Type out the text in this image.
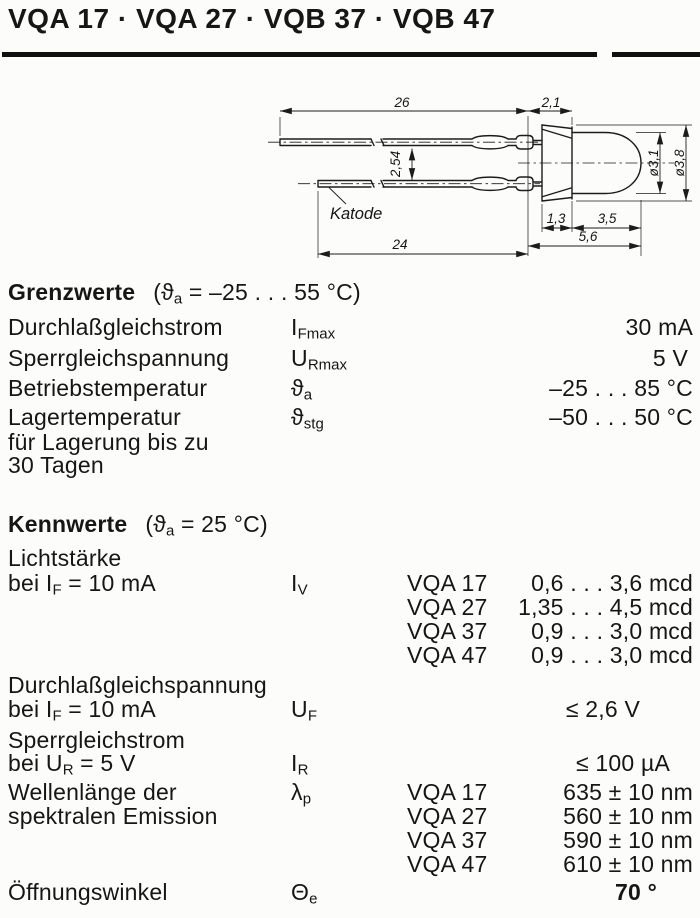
VQA 17 · VQA 27 · VQB 37 · VQB 47
26	2,1
2,54
24
1,3 3,5
5,6
ø3,1 ø3,8
Katode
Grenzwerte ($ϑ_a = -25$ . . . 55 °C)
Durchlaßgleichstrom	$I_{Fmax}$	30 mA
Sperrgleichspannung	$U_{Rmax}$	5 V
Betriebstemperatur	$ϑ_a$	–25 . . . 85 °C
Lagertemperatur	$ϑ_{stg}$	–50 . . . 50 °C
für Lagerung bis zu
30 Tagen
Kennwerte ($ϑ_a = 25$ °C)
Lichtstärke
bei $I_F = 10$ mA	$I_V$	VQA 17 0,6 . . . 3,6 mcd
VQA 27 1,35 . . . 4,5 mcd
VQA 37 0,9 . . . 3,0 mcd
VQA 47 0,9 . . . 3,0 mcd
Durchlaßgleichspannung
bei $I_F = 10$ mA	$U_F$	≤ 2,6 V
Sperrgleichstrom
bei $U_R = 5$ V	$I_R$	≤ 100 µA
Wellenlänge der	$\lambda_p$	VQA 17	635 ± 10 nm
spektralen Emission	VQA 27	560 ± 10 nm
VQA 37	590 ± 10 nm
VQA 47	610 ± 10 nm
Öffnungswinkel	$\Theta_e$	70 °
